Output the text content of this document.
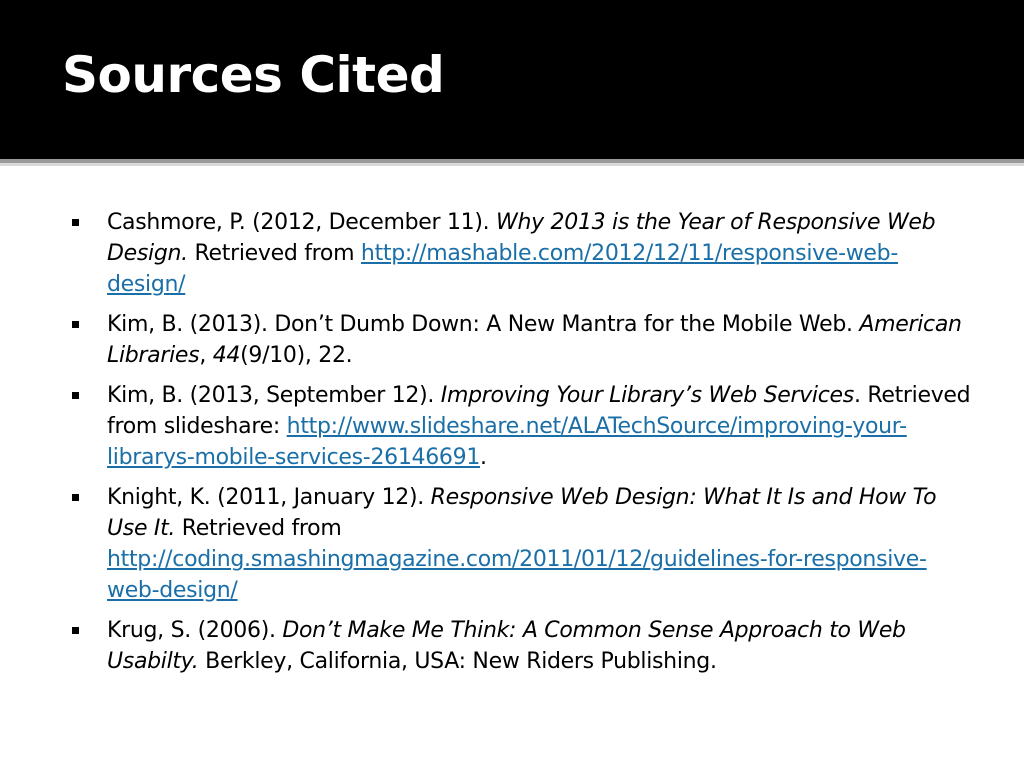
Sources Cited
Cashmore, P. (2012, December 11). Why 2013 is the Year of Responsive Web Design. Retrieved from http://mashable.com/2012/12/11/responsive-web-design/
Kim, B. (2013). Don’t Dumb Down: A New Mantra for the Mobile Web. American Libraries, 44(9/10), 22.
Kim, B. (2013, September 12). Improving Your Library’s Web Services. Retrieved from slideshare: http://www.slideshare.net/ALATechSource/improving-your-librarys-mobile-services-26146691.
Knight, K. (2011, January 12). Responsive Web Design: What It Is and How To Use It. Retrieved from http://coding.smashingmagazine.com/2011/01/12/guidelines-for-responsive-web-design/
Krug, S. (2006). Don’t Make Me Think: A Common Sense Approach to Web Usabilty. Berkley, California, USA: New Riders Publishing.
